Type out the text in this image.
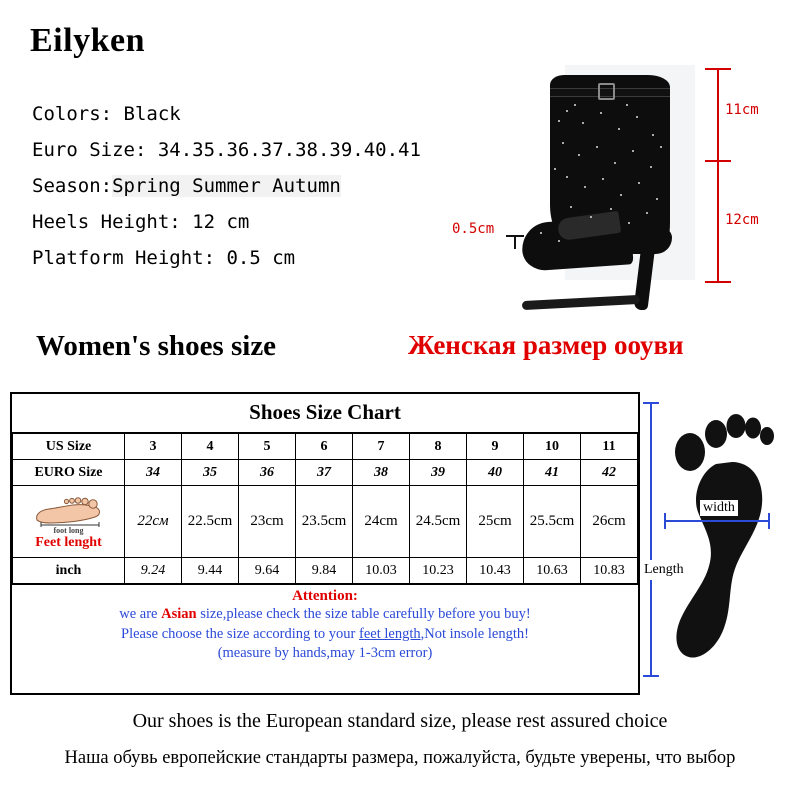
Eilyken
Colors: Black
Euro Size: 34.35.36.37.38.39.40.41
Season:Spring Summer Autumn
Heels Height: 12 cm
Platform Height: 0.5 cm
11cm
12cm
0.5cm
Women's shoes size	Женская размер ооуви
Shoes Size Chart
US Size	3	4	5	6	7	8	9	10	11
EURO Size	34	35	36	37	38	39	40	41	42

foot long
Feet lenght	22см	22.5cm	23cm	23.5cm	24cm	24.5cm	25cm	25.5cm	26cm
inch	9.24	9.44	9.64	9.84	10.03	10.23	10.43	10.63	10.83
Attention:
we are Asian size,please check the size table carefully before you buy!
Please choose the size according to your feet length,Not insole length!
(measure by hands,may 1-3cm error)
width
Length
Our shoes is the European standard size, please rest assured choice
Наша обувь европейские стандарты размера, пожалуйста, будьте уверены, что выбор
